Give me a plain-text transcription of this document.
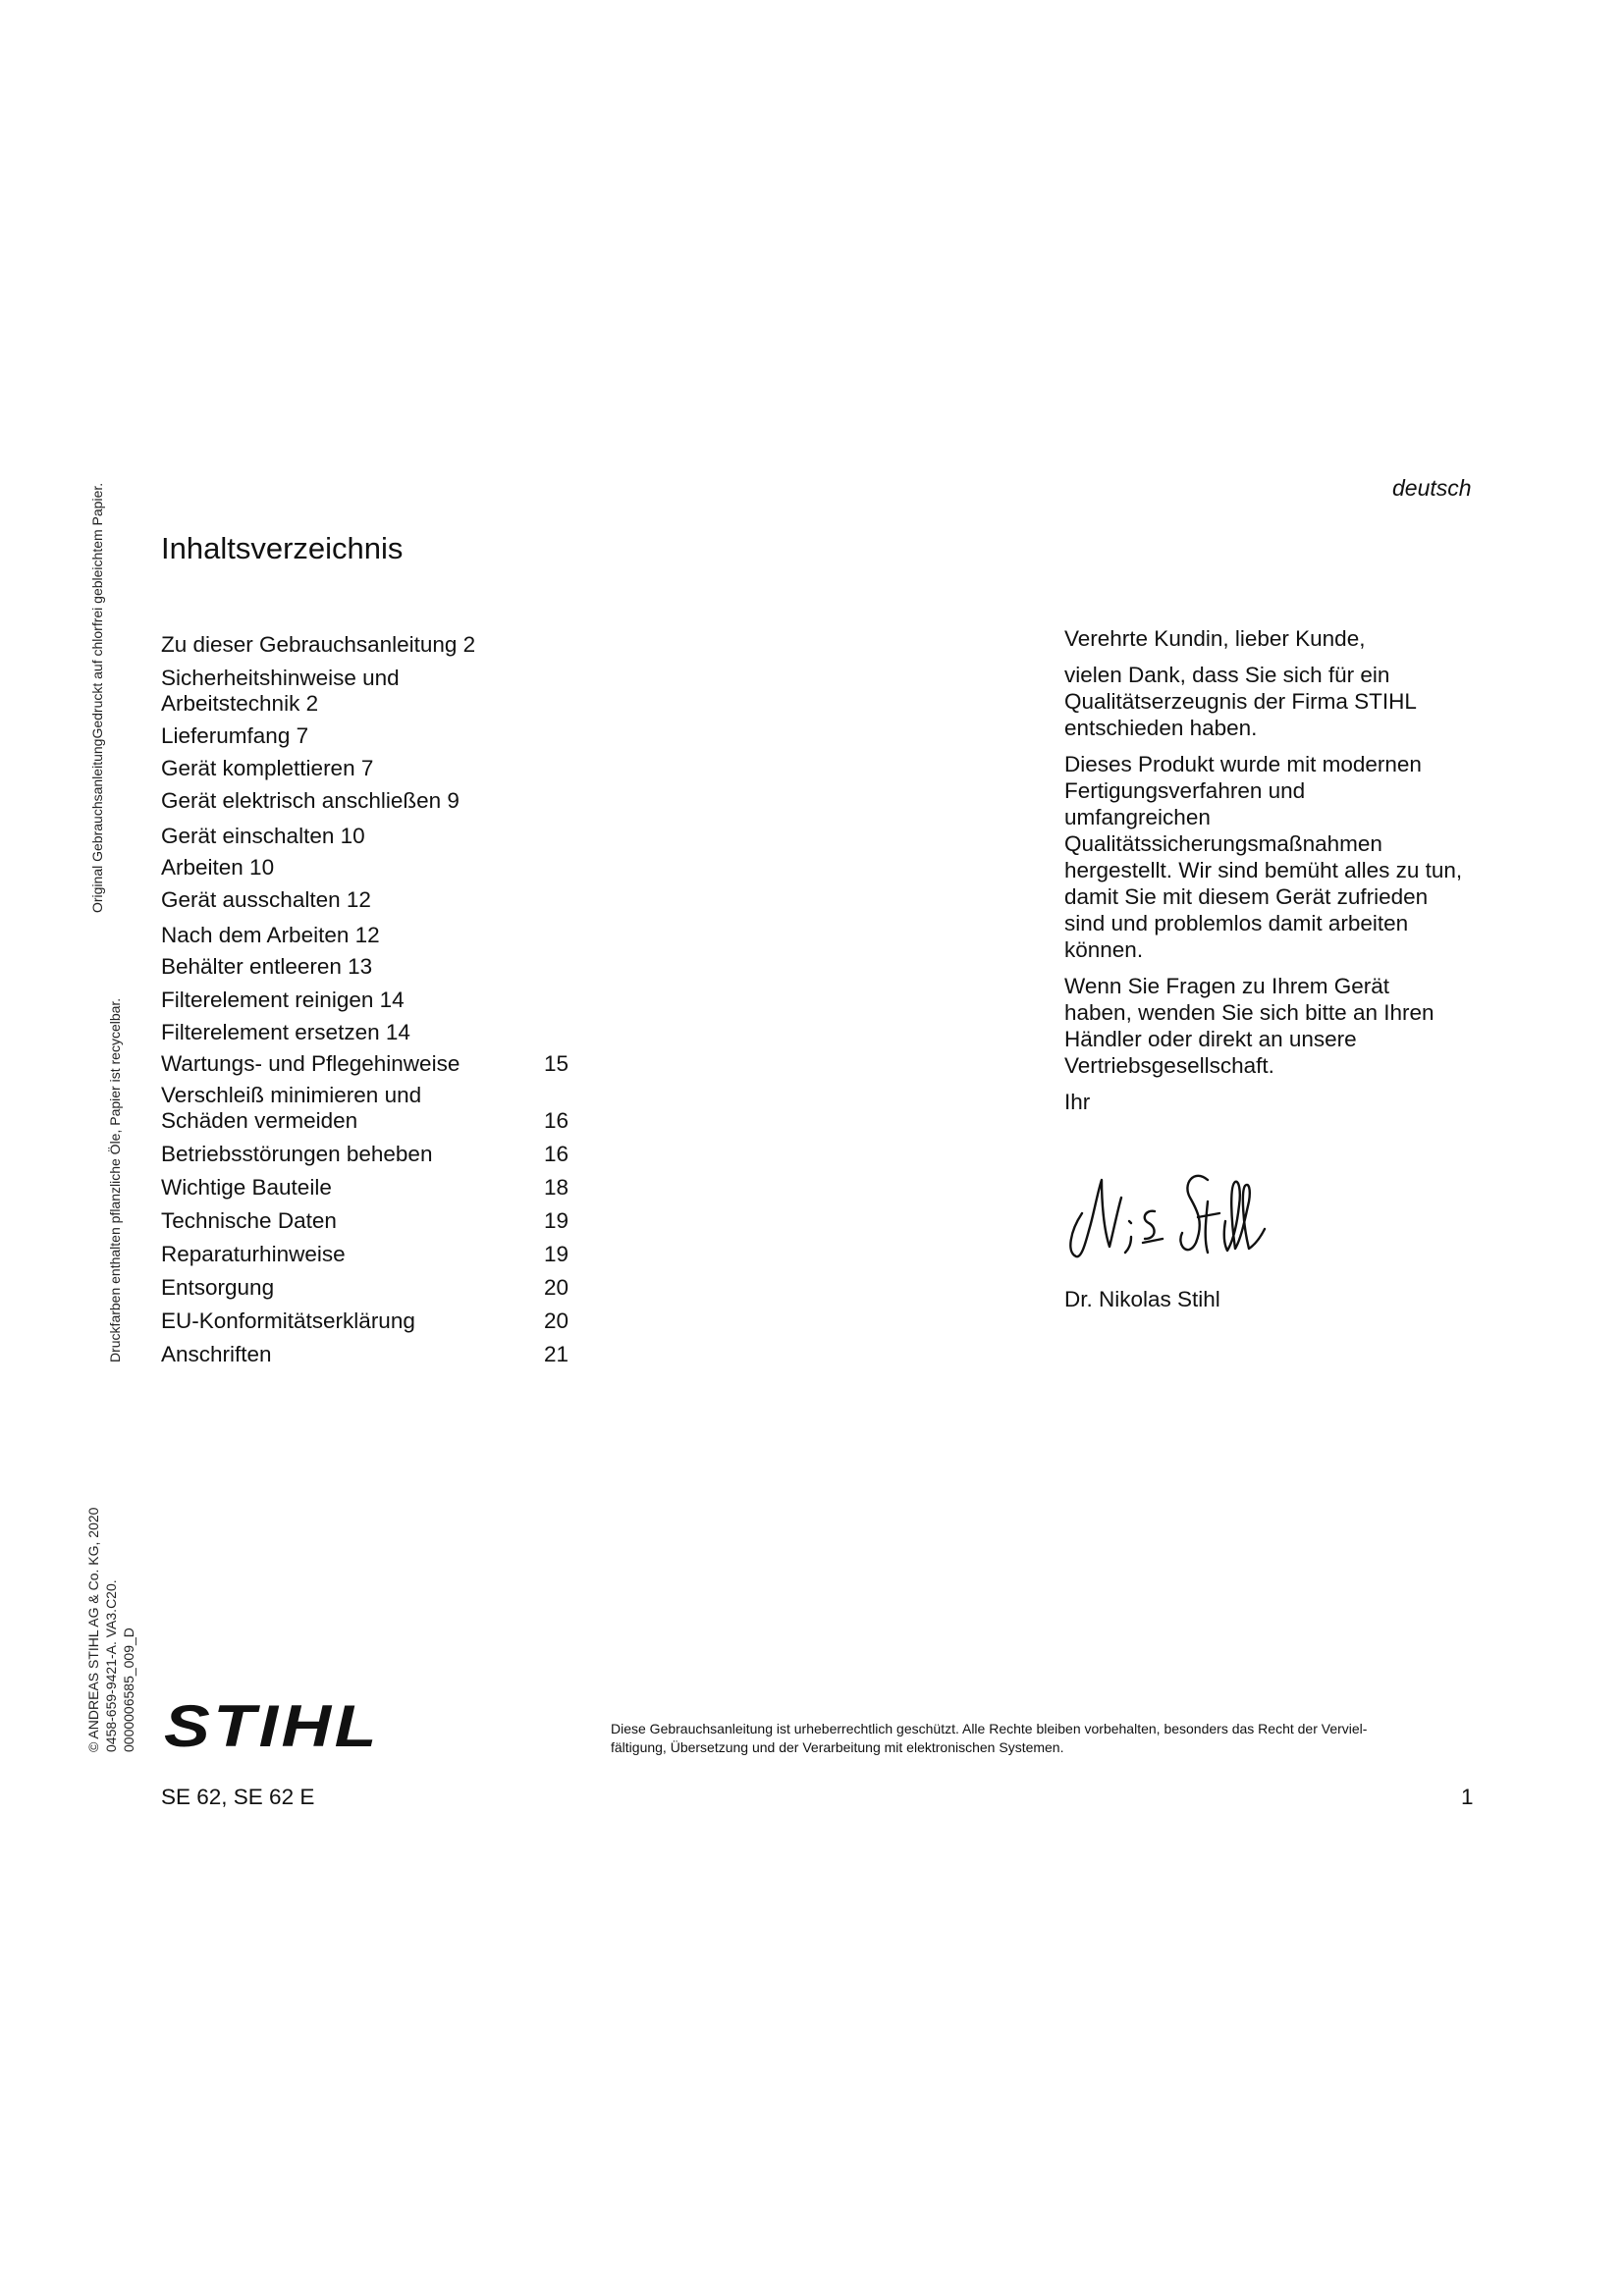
Original GebrauchsanleitungGedruckt auf chlorfrei gebleichtem Papier.
Druckfarben enthalten pflanzliche Öle, Papier ist recycelbar.
© ANDREAS STIHL AG & Co. KG, 2020 0458-659-9421-A. VA3.C20. 0000006585_009_D
deutsch
Inhaltsverzeichnis
Zu dieser Gebrauchsanleitung 2
Sicherheitshinweise und
Arbeitstechnik 2
Lieferumfang 7
Gerät komplettieren 7
Gerät elektrisch anschließen 9
Gerät einschalten 10
Arbeiten 10
Gerät ausschalten 12
Nach dem Arbeiten 12
Behälter entleeren 13
Filterelement reinigen 14
Filterelement ersetzen 14
Wartungs- und Pflegehinweise	15
Verschleiß minimieren und
Schäden vermeiden	16
Betriebsstörungen beheben	16
Wichtige Bauteile	18
Technische Daten	19
Reparaturhinweise	19
Entsorgung	20
EU-Konformitätserklärung	20
Anschriften	21

Verehrte Kundin, lieber Kunde,

vielen Dank, dass Sie sich für ein
Qualitätserzeugnis der Firma STIHL
entschieden haben.

Dieses Produkt wurde mit modernen
Fertigungsverfahren und
umfangreichen
Qualitätssicherungsmaßnahmen
hergestellt. Wir sind bemüht alles zu tun,
damit Sie mit diesem Gerät zufrieden
sind und problemlos damit arbeiten
können.

Wenn Sie Fragen zu Ihrem Gerät
haben, wenden Sie sich bitte an Ihren
Händler oder direkt an unsere
Vertriebsgesellschaft.

Ihr

Dr. Nikolas Stihl
STIHL	Diese Gebrauchsanleitung ist urheberrechtlich geschützt. Alle Rechte bleiben vorbehalten, besonders das Recht der Verviel-
fältigung, Übersetzung und der Verarbeitung mit elektronischen Systemen.
SE 62, SE 62 E	1
